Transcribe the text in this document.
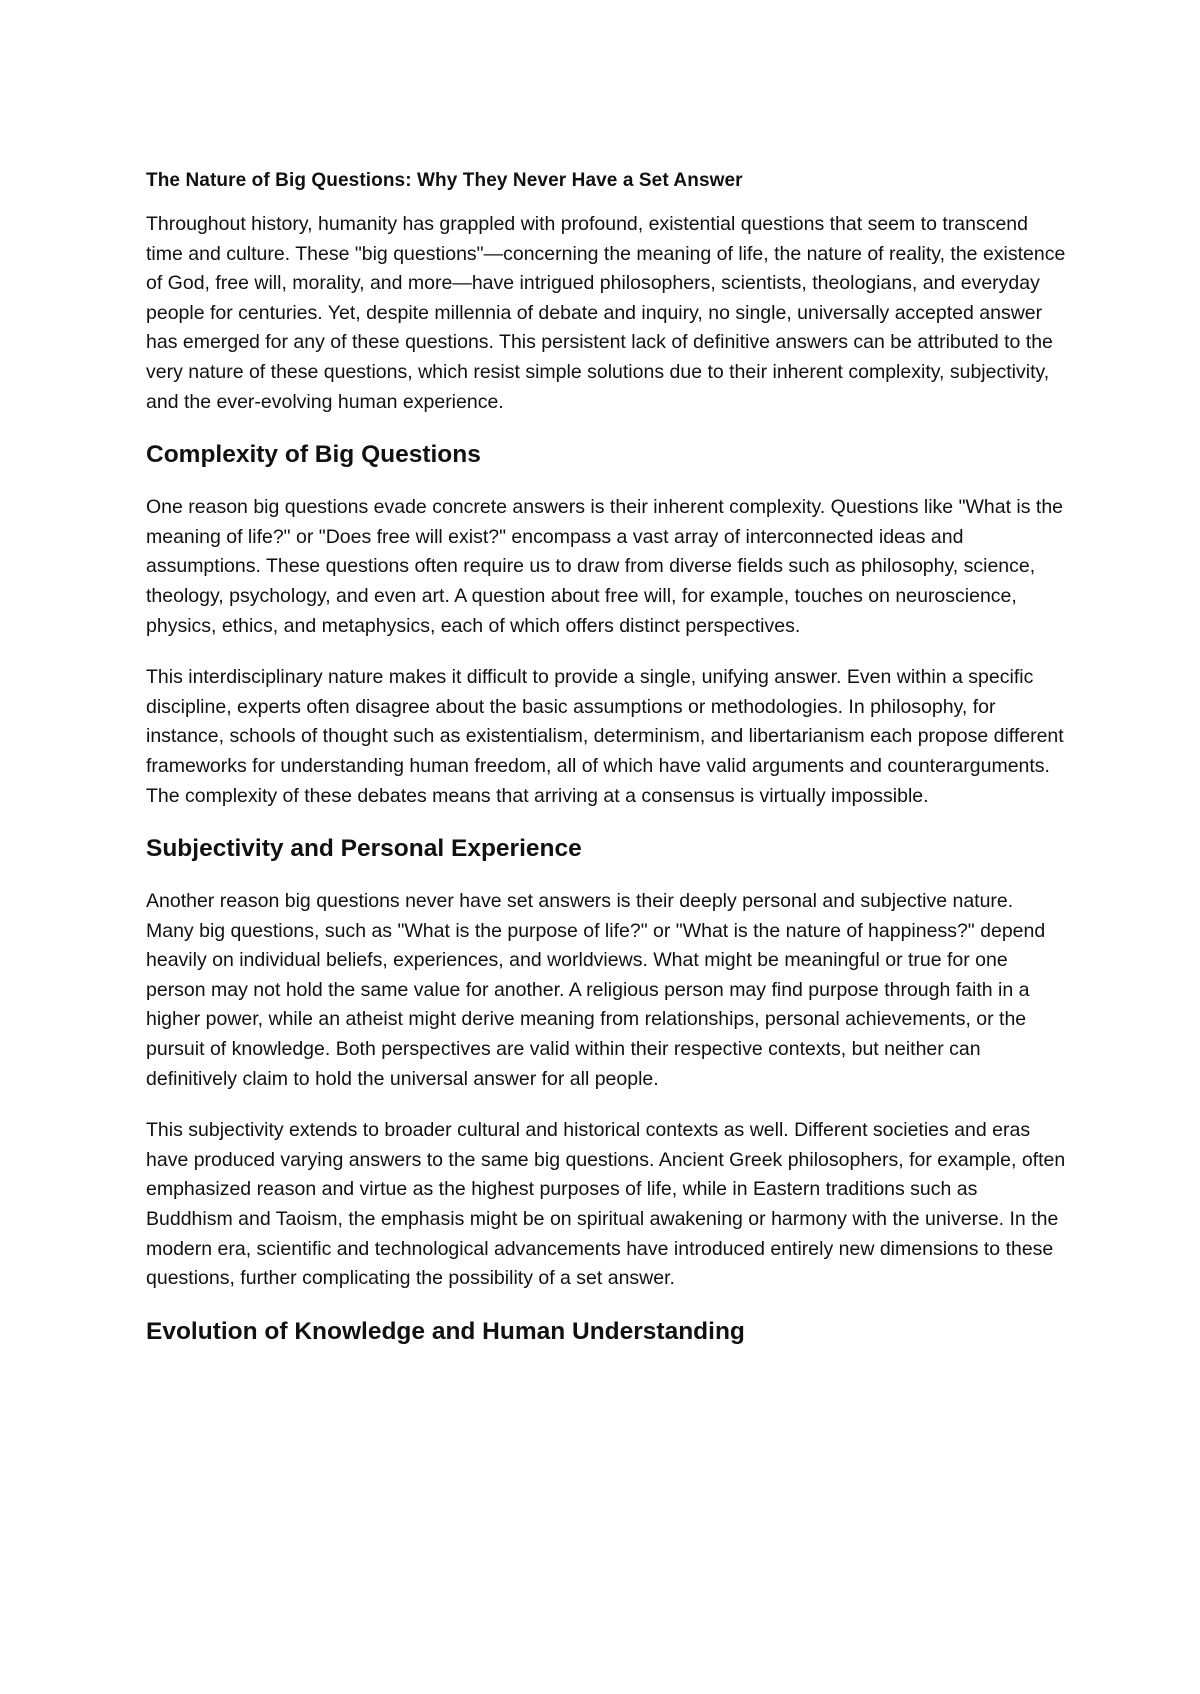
The Nature of Big Questions: Why They Never Have a Set Answer

Throughout history, humanity has grappled with profound, existential questions that seem to transcend time and culture. These "big questions"—concerning the meaning of life, the nature of reality, the existence of God, free will, morality, and more—have intrigued philosophers, scientists, theologians, and everyday people for centuries. Yet, despite millennia of debate and inquiry, no single, universally accepted answer has emerged for any of these questions. This persistent lack of definitive answers can be attributed to the very nature of these questions, which resist simple solutions due to their inherent complexity, subjectivity, and the ever-evolving human experience.

Complexity of Big Questions

One reason big questions evade concrete answers is their inherent complexity. Questions like "What is the meaning of life?" or "Does free will exist?" encompass a vast array of interconnected ideas and assumptions. These questions often require us to draw from diverse fields such as philosophy, science, theology, psychology, and even art. A question about free will, for example, touches on neuroscience, physics, ethics, and metaphysics, each of which offers distinct perspectives.

This interdisciplinary nature makes it difficult to provide a single, unifying answer. Even within a specific discipline, experts often disagree about the basic assumptions or methodologies. In philosophy, for instance, schools of thought such as existentialism, determinism, and libertarianism each propose different frameworks for understanding human freedom, all of which have valid arguments and counterarguments. The complexity of these debates means that arriving at a consensus is virtually impossible.

Subjectivity and Personal Experience

Another reason big questions never have set answers is their deeply personal and subjective nature. Many big questions, such as "What is the purpose of life?" or "What is the nature of happiness?" depend heavily on individual beliefs, experiences, and worldviews. What might be meaningful or true for one person may not hold the same value for another. A religious person may find purpose through faith in a higher power, while an atheist might derive meaning from relationships, personal achievements, or the pursuit of knowledge. Both perspectives are valid within their respective contexts, but neither can definitively claim to hold the universal answer for all people.

This subjectivity extends to broader cultural and historical contexts as well. Different societies and eras have produced varying answers to the same big questions. Ancient Greek philosophers, for example, often emphasized reason and virtue as the highest purposes of life, while in Eastern traditions such as Buddhism and Taoism, the emphasis might be on spiritual awakening or harmony with the universe. In the modern era, scientific and technological advancements have introduced entirely new dimensions to these questions, further complicating the possibility of a set answer.

Evolution of Knowledge and Human Understanding
